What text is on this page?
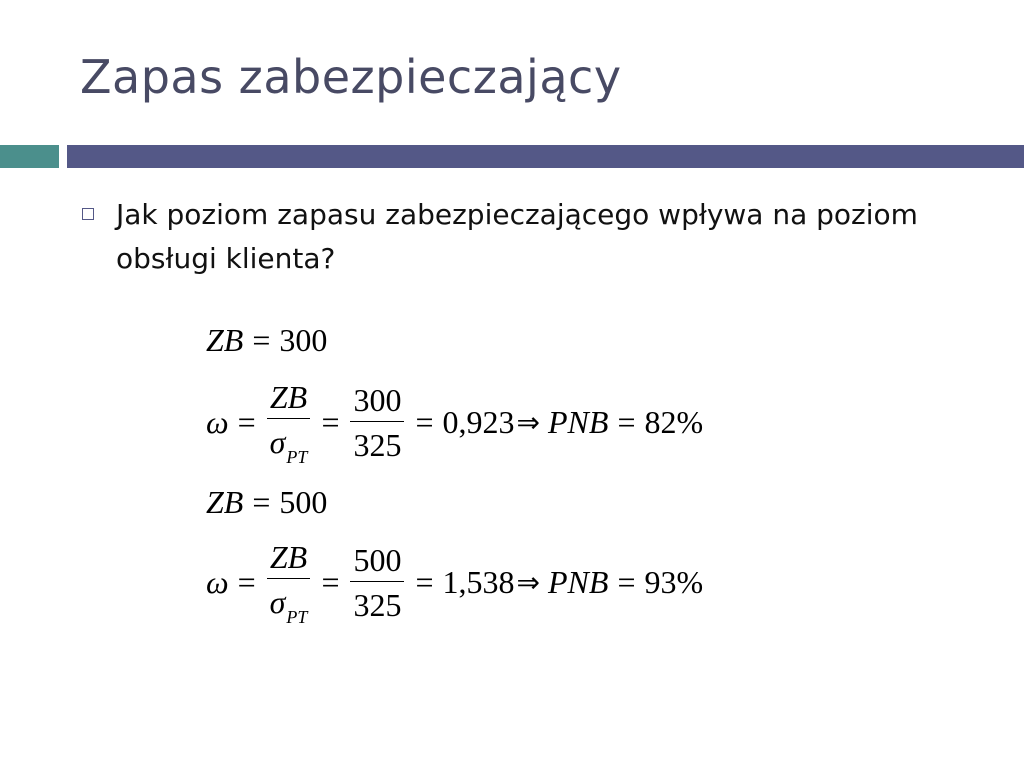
Zapas zabezpieczający
Jak poziom zapasu zabezpieczającego wpływa na poziom obsługi klienta?
ZB = 300
$\omega = \frac{ZB}{\sigma_{PT}} = \frac{300}{325} = 0,923$ ⇒ PNB = 82%
ZB = 500
$\omega = \frac{ZB}{\sigma_{PT}} = \frac{500}{325} = 1,538$ ⇒ PNB = 93%
